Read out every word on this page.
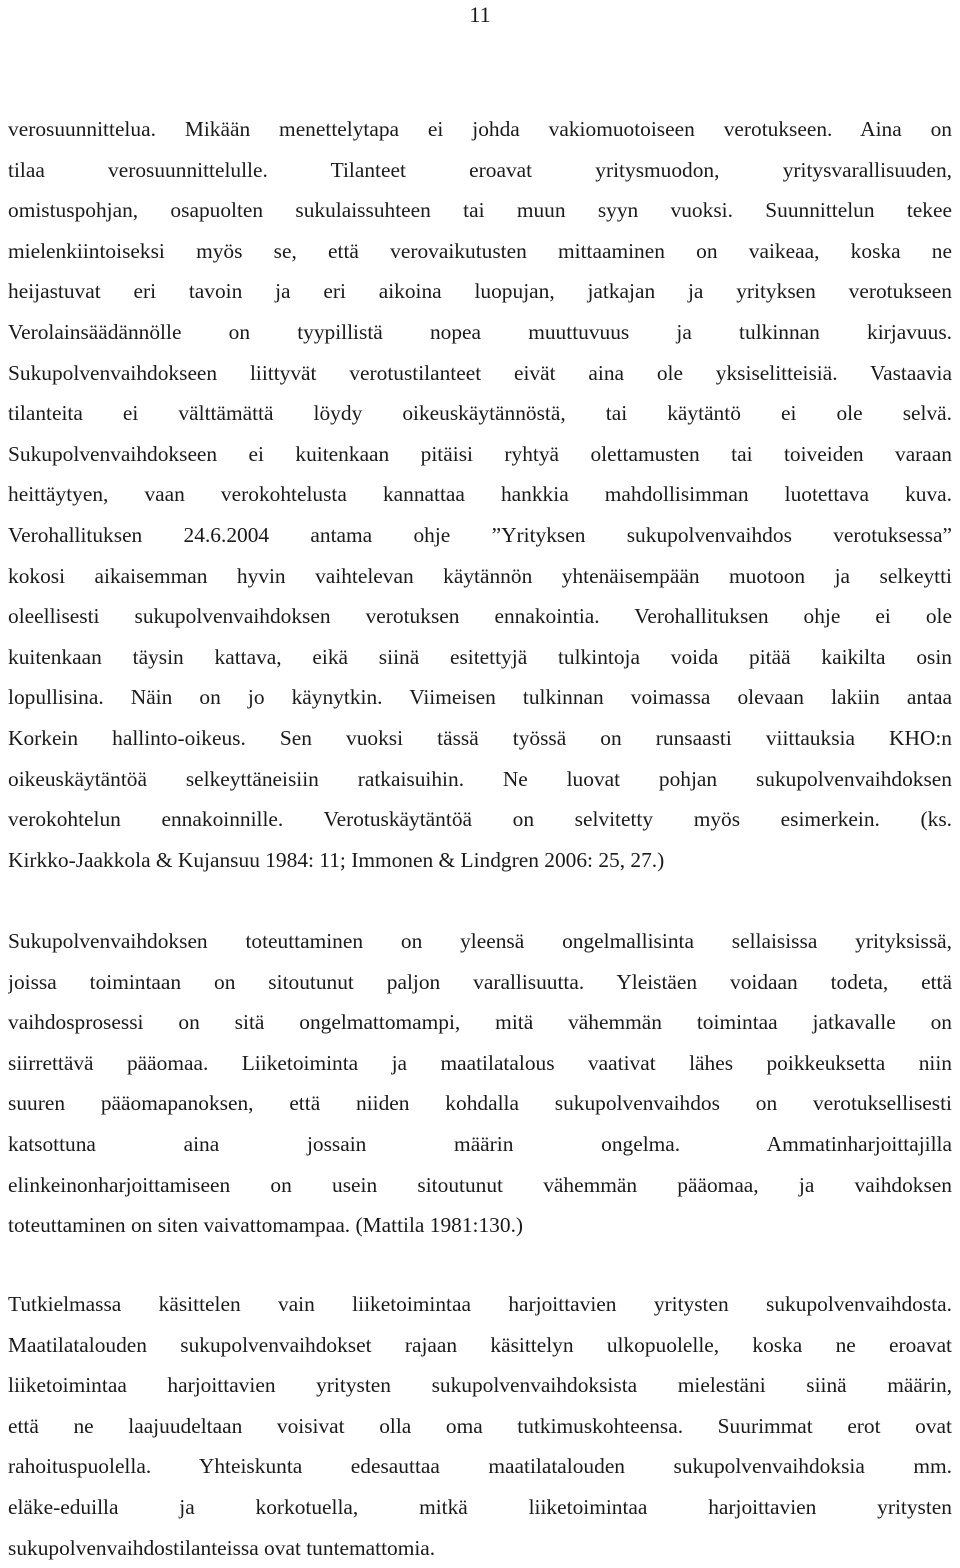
11
verosuunnittelua. Mikään menettelytapa ei johda vakiomuotoiseen verotukseen. Aina on
tilaa verosuunnittelulle. Tilanteet eroavat yritysmuodon, yritysvarallisuuden,
omistuspohjan, osapuolten sukulaissuhteen tai muun syyn vuoksi. Suunnittelun tekee
mielenkiintoiseksi myös se, että verovaikutusten mittaaminen on vaikeaa, koska ne
heijastuvat eri tavoin ja eri aikoina luopujan, jatkajan ja yrityksen verotukseen
Verolainsäädännölle on tyypillistä nopea muuttuvuus ja tulkinnan kirjavuus.
Sukupolvenvaihdokseen liittyvät verotustilanteet eivät aina ole yksiselitteisiä. Vastaavia
tilanteita ei välttämättä löydy oikeuskäytännöstä, tai käytäntö ei ole selvä.
Sukupolvenvaihdokseen ei kuitenkaan pitäisi ryhtyä olettamusten tai toiveiden varaan
heittäytyen, vaan verokohtelusta kannattaa hankkia mahdollisimman luotettava kuva.
Verohallituksen 24.6.2004 antama ohje ”Yrityksen sukupolvenvaihdos verotuksessa”
kokosi aikaisemman hyvin vaihtelevan käytännön yhtenäisempään muotoon ja selkeytti
oleellisesti sukupolvenvaihdoksen verotuksen ennakointia. Verohallituksen ohje ei ole
kuitenkaan täysin kattava, eikä siinä esitettyjä tulkintoja voida pitää kaikilta osin
lopullisina. Näin on jo käynytkin. Viimeisen tulkinnan voimassa olevaan lakiin antaa
Korkein hallinto-oikeus. Sen vuoksi tässä työssä on runsaasti viittauksia KHO:n
oikeuskäytäntöä selkeyttäneisiin ratkaisuihin. Ne luovat pohjan sukupolvenvaihdoksen
verokohtelun ennakoinnille. Verotuskäytäntöä on selvitetty myös esimerkein. (ks.
Kirkko-Jaakkola & Kujansuu 1984: 11; Immonen & Lindgren 2006: 25, 27.)
Sukupolvenvaihdoksen toteuttaminen on yleensä ongelmallisinta sellaisissa yrityksissä,
joissa toimintaan on sitoutunut paljon varallisuutta. Yleistäen voidaan todeta, että
vaihdosprosessi on sitä ongelmattomampi, mitä vähemmän toimintaa jatkavalle on
siirrettävä pääomaa. Liiketoiminta ja maatilatalous vaativat lähes poikkeuksetta niin
suuren pääomapanoksen, että niiden kohdalla sukupolvenvaihdos on verotuksellisesti
katsottuna aina jossain määrin ongelma. Ammatinharjoittajilla
elinkeinonharjoittamiseen on usein sitoutunut vähemmän pääomaa, ja vaihdoksen
toteuttaminen on siten vaivattomampaa. (Mattila 1981:130.)
Tutkielmassa käsittelen vain liiketoimintaa harjoittavien yritysten sukupolvenvaihdosta.
Maatilatalouden sukupolvenvaihdokset rajaan käsittelyn ulkopuolelle, koska ne eroavat
liiketoimintaa harjoittavien yritysten sukupolvenvaihdoksista mielestäni siinä määrin,
että ne laajuudeltaan voisivat olla oma tutkimuskohteensa. Suurimmat erot ovat
rahoituspuolella. Yhteiskunta edesauttaa maatilatalouden sukupolvenvaihdoksia mm.
eläke-eduilla ja korkotuella, mitkä liiketoimintaa harjoittavien yritysten
sukupolvenvaihdostilanteissa ovat tuntemattomia.
